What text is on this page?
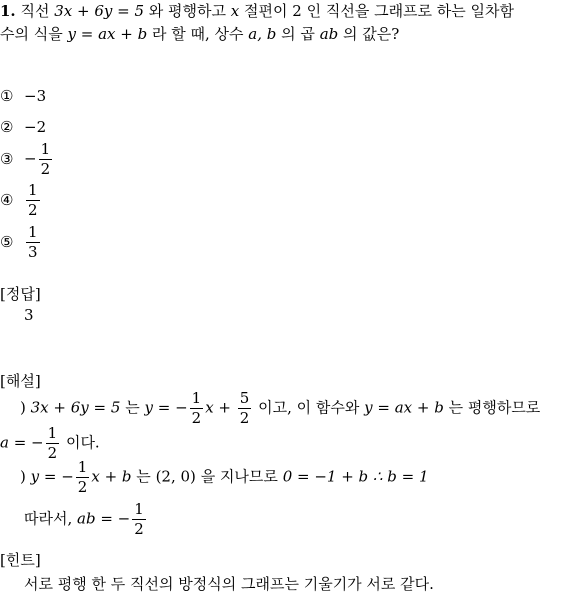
1. 직선 3x + 6y = 5 와 평행하고 x 절편이 2 인 직선을 그래프로 하는 일차함
수의 식을 y = ax + b 라 할 때, 상수 a, b 의 곱 ab 의 값은?
① −3
② −2
③ − $\frac{1}{2}$
④ $\frac{1}{2}$
⑤ $\frac{1}{3}$
[정답]
3
[해설]
) 3x + 6y = 5 는 y = − $\frac{1}{2}$ $x + \frac{5}{2}$ 이고, 이 함수와 y = ax + b 는 평행하므로
a = − $\frac{1}{2}$ 이다.
) y = − $\frac{1}{2}$ x + b 는 (2, 0) 을 지나므로 0 = −1 + b ∴ b = 1
따라서, ab = − $\frac{1}{2}$
[힌트]
서로 평행 한 두 직선의 방정식의 그래프는 기울기가 서로 같다.
